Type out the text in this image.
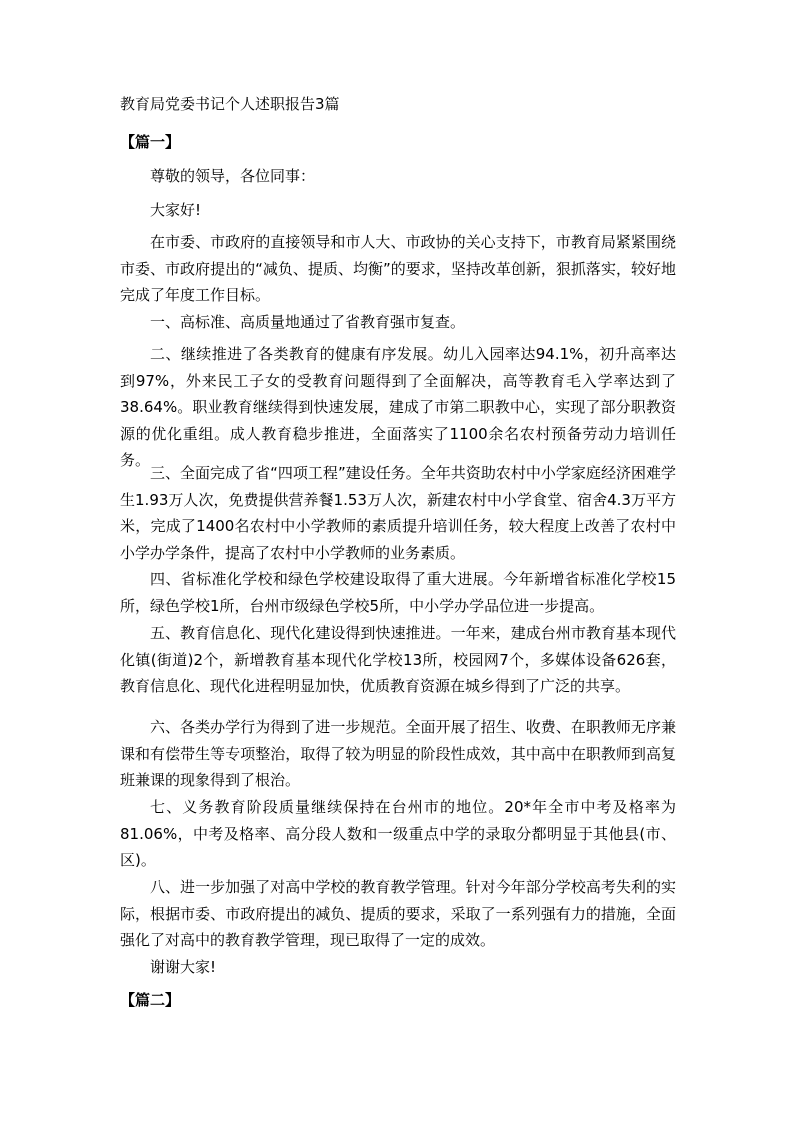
教育局党委书记个人述职报告3篇
【篇一】

尊敬的领导，各位同事：

大家好!

在市委、市政府的直接领导和市人大、市政协的关心支持下，市教育局紧紧围绕市委、市政府提出的“减负、提质、均衡”的要求，坚持改革创新，狠抓落实，较好地完成了年度工作目标。

一、高标准、高质量地通过了省教育强市复查。

二、继续推进了各类教育的健康有序发展。幼儿入园率达94.1%，初升高率达到97%，外来民工子女的受教育问题得到了全面解决，高等教育毛入学率达到了38.64%。职业教育继续得到快速发展，建成了市第二职教中心，实现了部分职教资源的优化重组。成人教育稳步推进，全面落实了1100余名农村预备劳动力培训任务。

三、全面完成了省“四项工程”建设任务。全年共资助农村中小学家庭经济困难学生1.93万人次，免费提供营养餐1.53万人次，新建农村中小学食堂、宿舍4.3万平方米，完成了1400名农村中小学教师的素质提升培训任务，较大程度上改善了农村中小学办学条件，提高了农村中小学教师的业务素质。

四、省标准化学校和绿色学校建设取得了重大进展。今年新增省标准化学校15所，绿色学校1所，台州市级绿色学校5所，中小学办学品位进一步提高。

五、教育信息化、现代化建设得到快速推进。一年来，建成台州市教育基本现代化镇(街道)2个，新增教育基本现代化学校13所，校园网7个，多媒体设备626套，教育信息化、现代化进程明显加快，优质教育资源在城乡得到了广泛的共享。

六、各类办学行为得到了进一步规范。全面开展了招生、收费、在职教师无序兼课和有偿带生等专项整治，取得了较为明显的阶段性成效，其中高中在职教师到高复班兼课的现象得到了根治。

七、义务教育阶段质量继续保持在台州市的地位。20*年全市中考及格率为81.06%，中考及格率、高分段人数和一级重点中学的录取分都明显于其他县(市、区)。

八、进一步加强了对高中学校的教育教学管理。针对今年部分学校高考失利的实际，根据市委、市政府提出的减负、提质的要求，采取了一系列强有力的措施，全面强化了对高中的教育教学管理，现已取得了一定的成效。

谢谢大家!

【篇二】
